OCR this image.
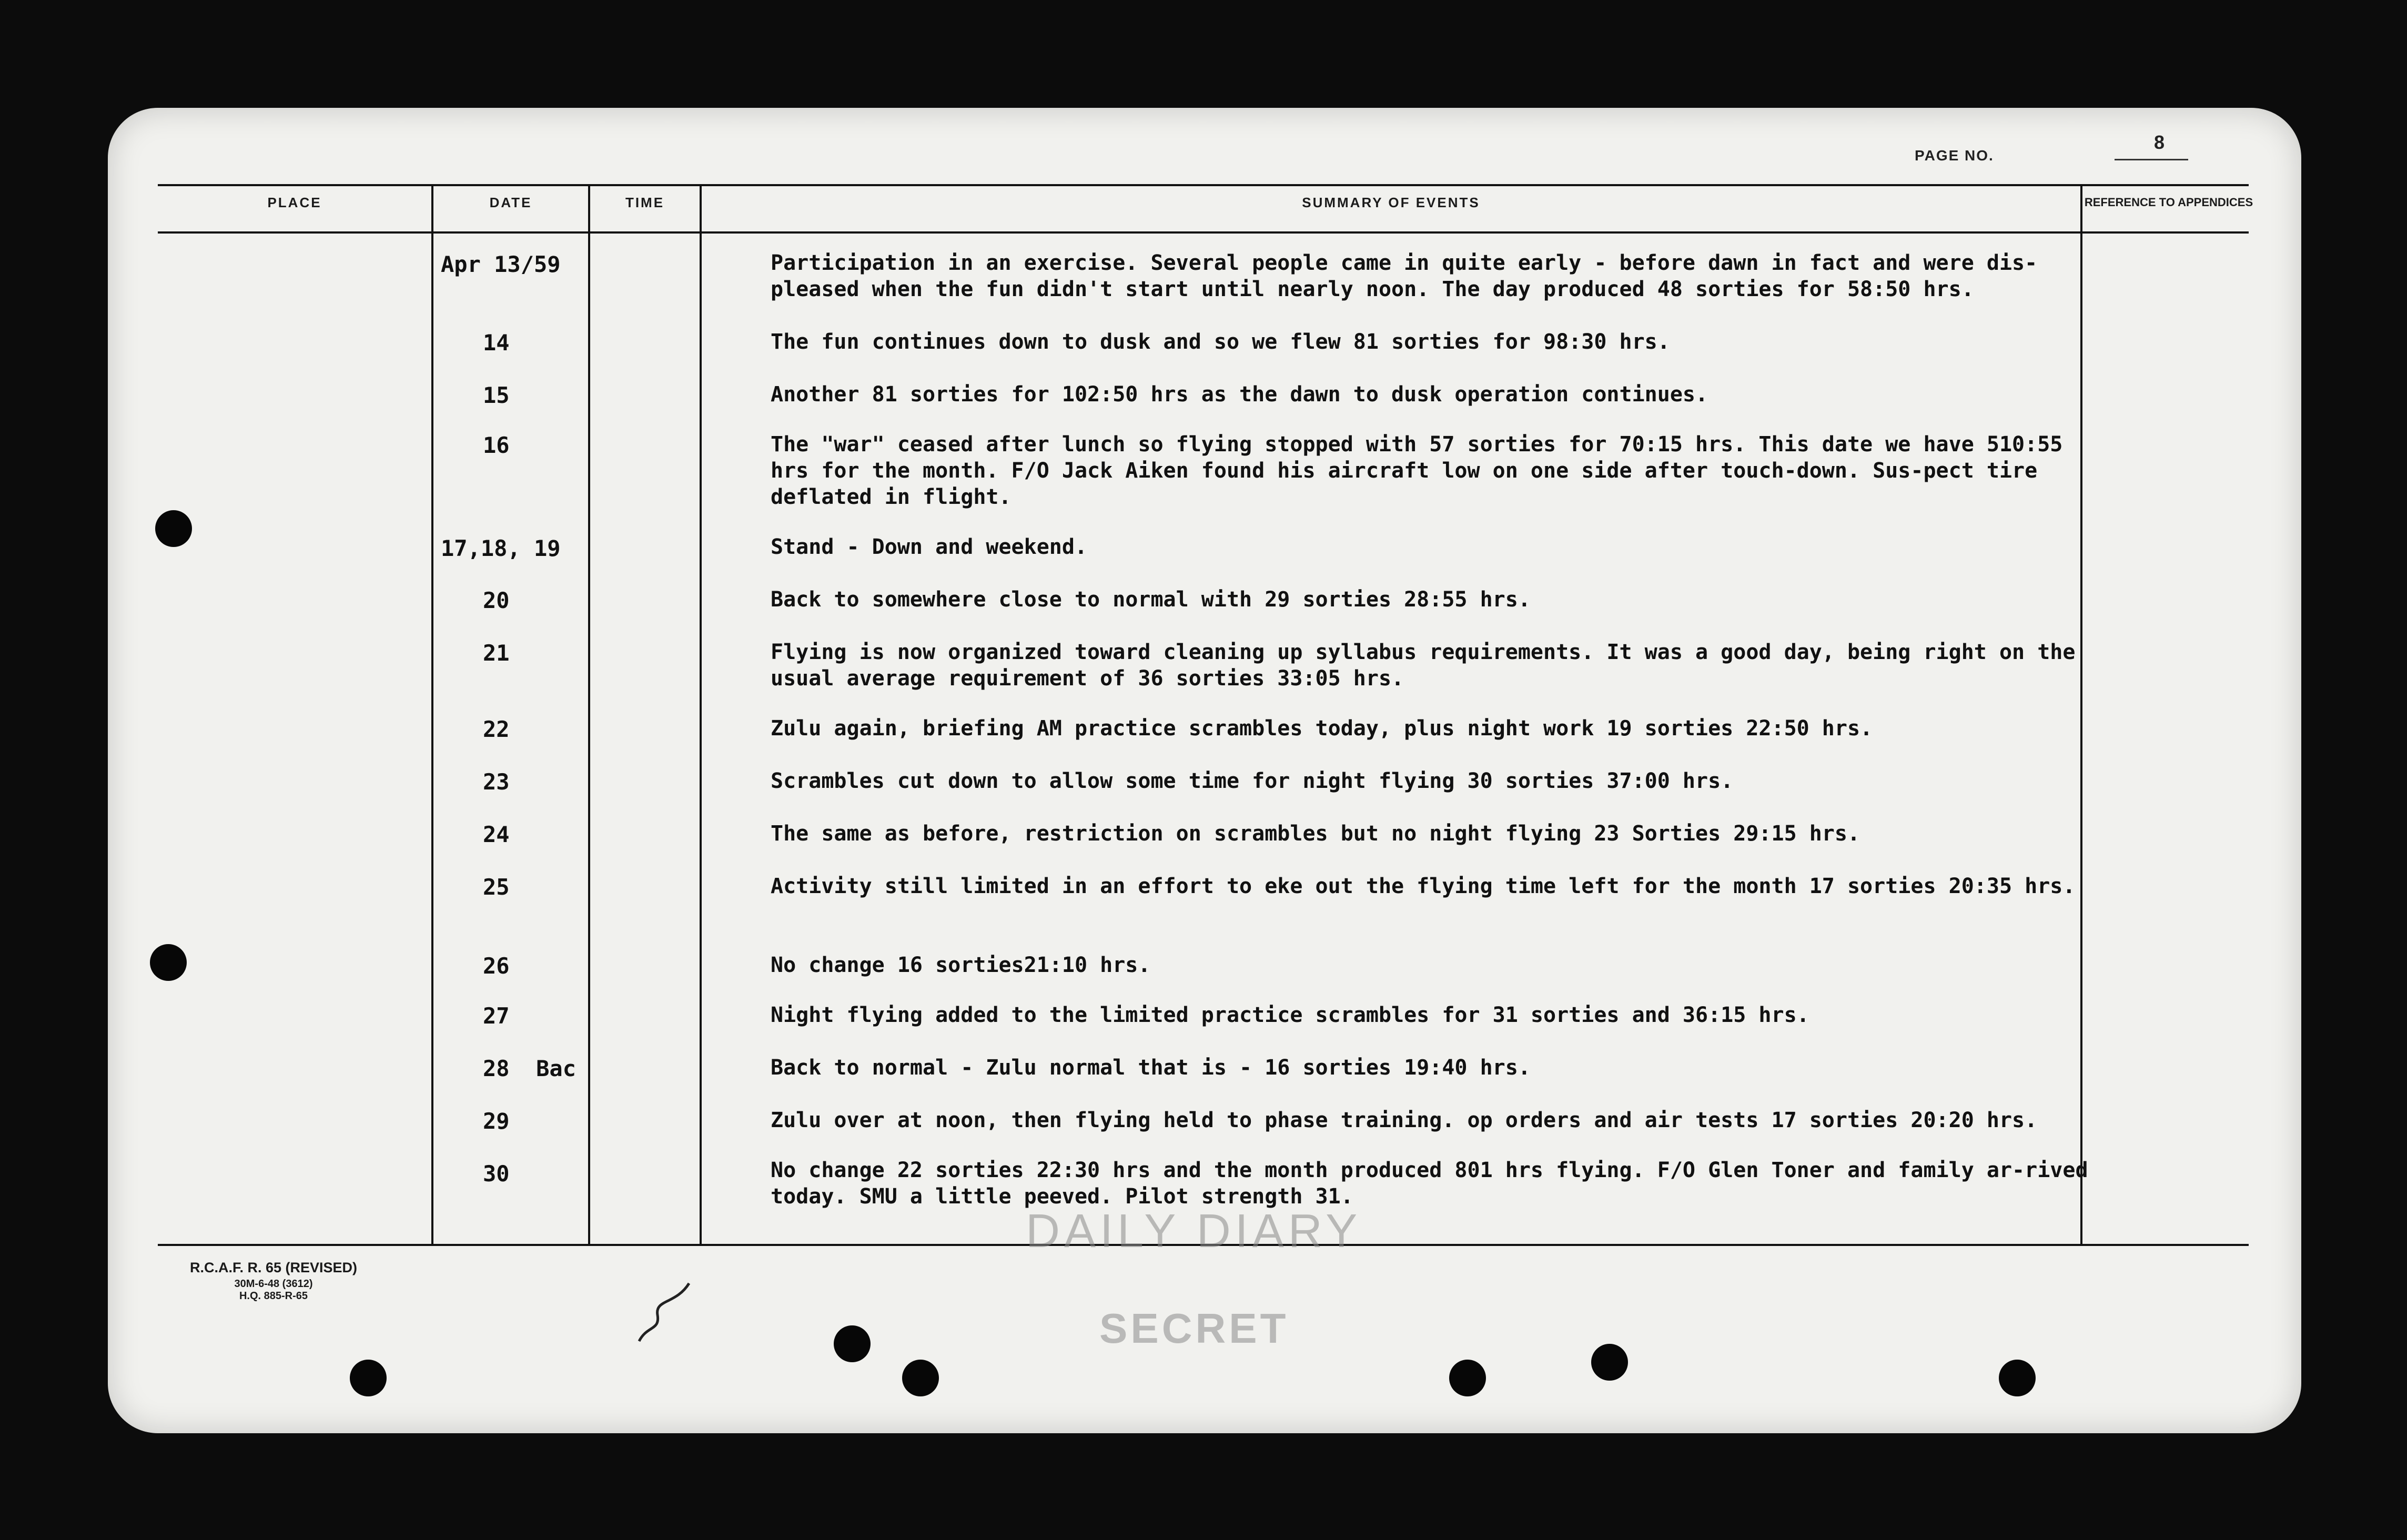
PAGE NO.
8
PLACE	DATE	TIME	SUMMARY OF EVENTS	REFERENCE TO APPENDICES
Apr 13/59	Participation in an exercise. Several people came in quite early - before dawn in fact and were dis-pleased when the fun didn't start until nearly noon. The day produced 48 sorties for 58:50 hrs.
14	The fun continues down to dusk and so we flew 81 sorties for 98:30 hrs.
15	Another 81 sorties for 102:50 hrs as the dawn to dusk operation continues.
16	The "war" ceased after lunch so flying stopped with 57 sorties for 70:15 hrs. This date we have 510:55 hrs for the month. F/O Jack Aiken found his aircraft low on one side after touch-down. Sus-pect tire deflated in flight.
17,18, 19	Stand - Down and weekend.
20	Back to somewhere close to normal with 29 sorties 28:55 hrs.
21	Flying is now organized toward cleaning up syllabus requirements. It was a good day, being right on the usual average requirement of 36 sorties 33:05 hrs.
22	Zulu again, briefing AM practice scrambles today, plus night work 19 sorties 22:50 hrs.
23	Scrambles cut down to allow some time for night flying 30 sorties 37:00 hrs.
24	The same as before, restriction on scrambles but no night flying 23 Sorties 29:15 hrs.
25	Activity still limited in an effort to eke out the flying time left for the month 17 sorties 20:35 hrs.
26	No change 16 sorties21:10 hrs.
27	Night flying added to the limited practice scrambles for 31 sorties and 36:15 hrs.
28  Bac	Back to normal - Zulu normal that is - 16 sorties 19:40 hrs.
29	Zulu over at noon, then flying held to phase training. op orders and air tests 17 sorties 20:20 hrs.
30	No change 22 sorties 22:30 hrs and the month produced 801 hrs flying. F/O Glen Toner and family ar-rived today. SMU a little peeved. Pilot strength 31.
DAILY DIARY
R.C.A.F. R. 65 (REVISED)
30M-6-48 (3612)
H.Q. 885-R-65
SECRET
